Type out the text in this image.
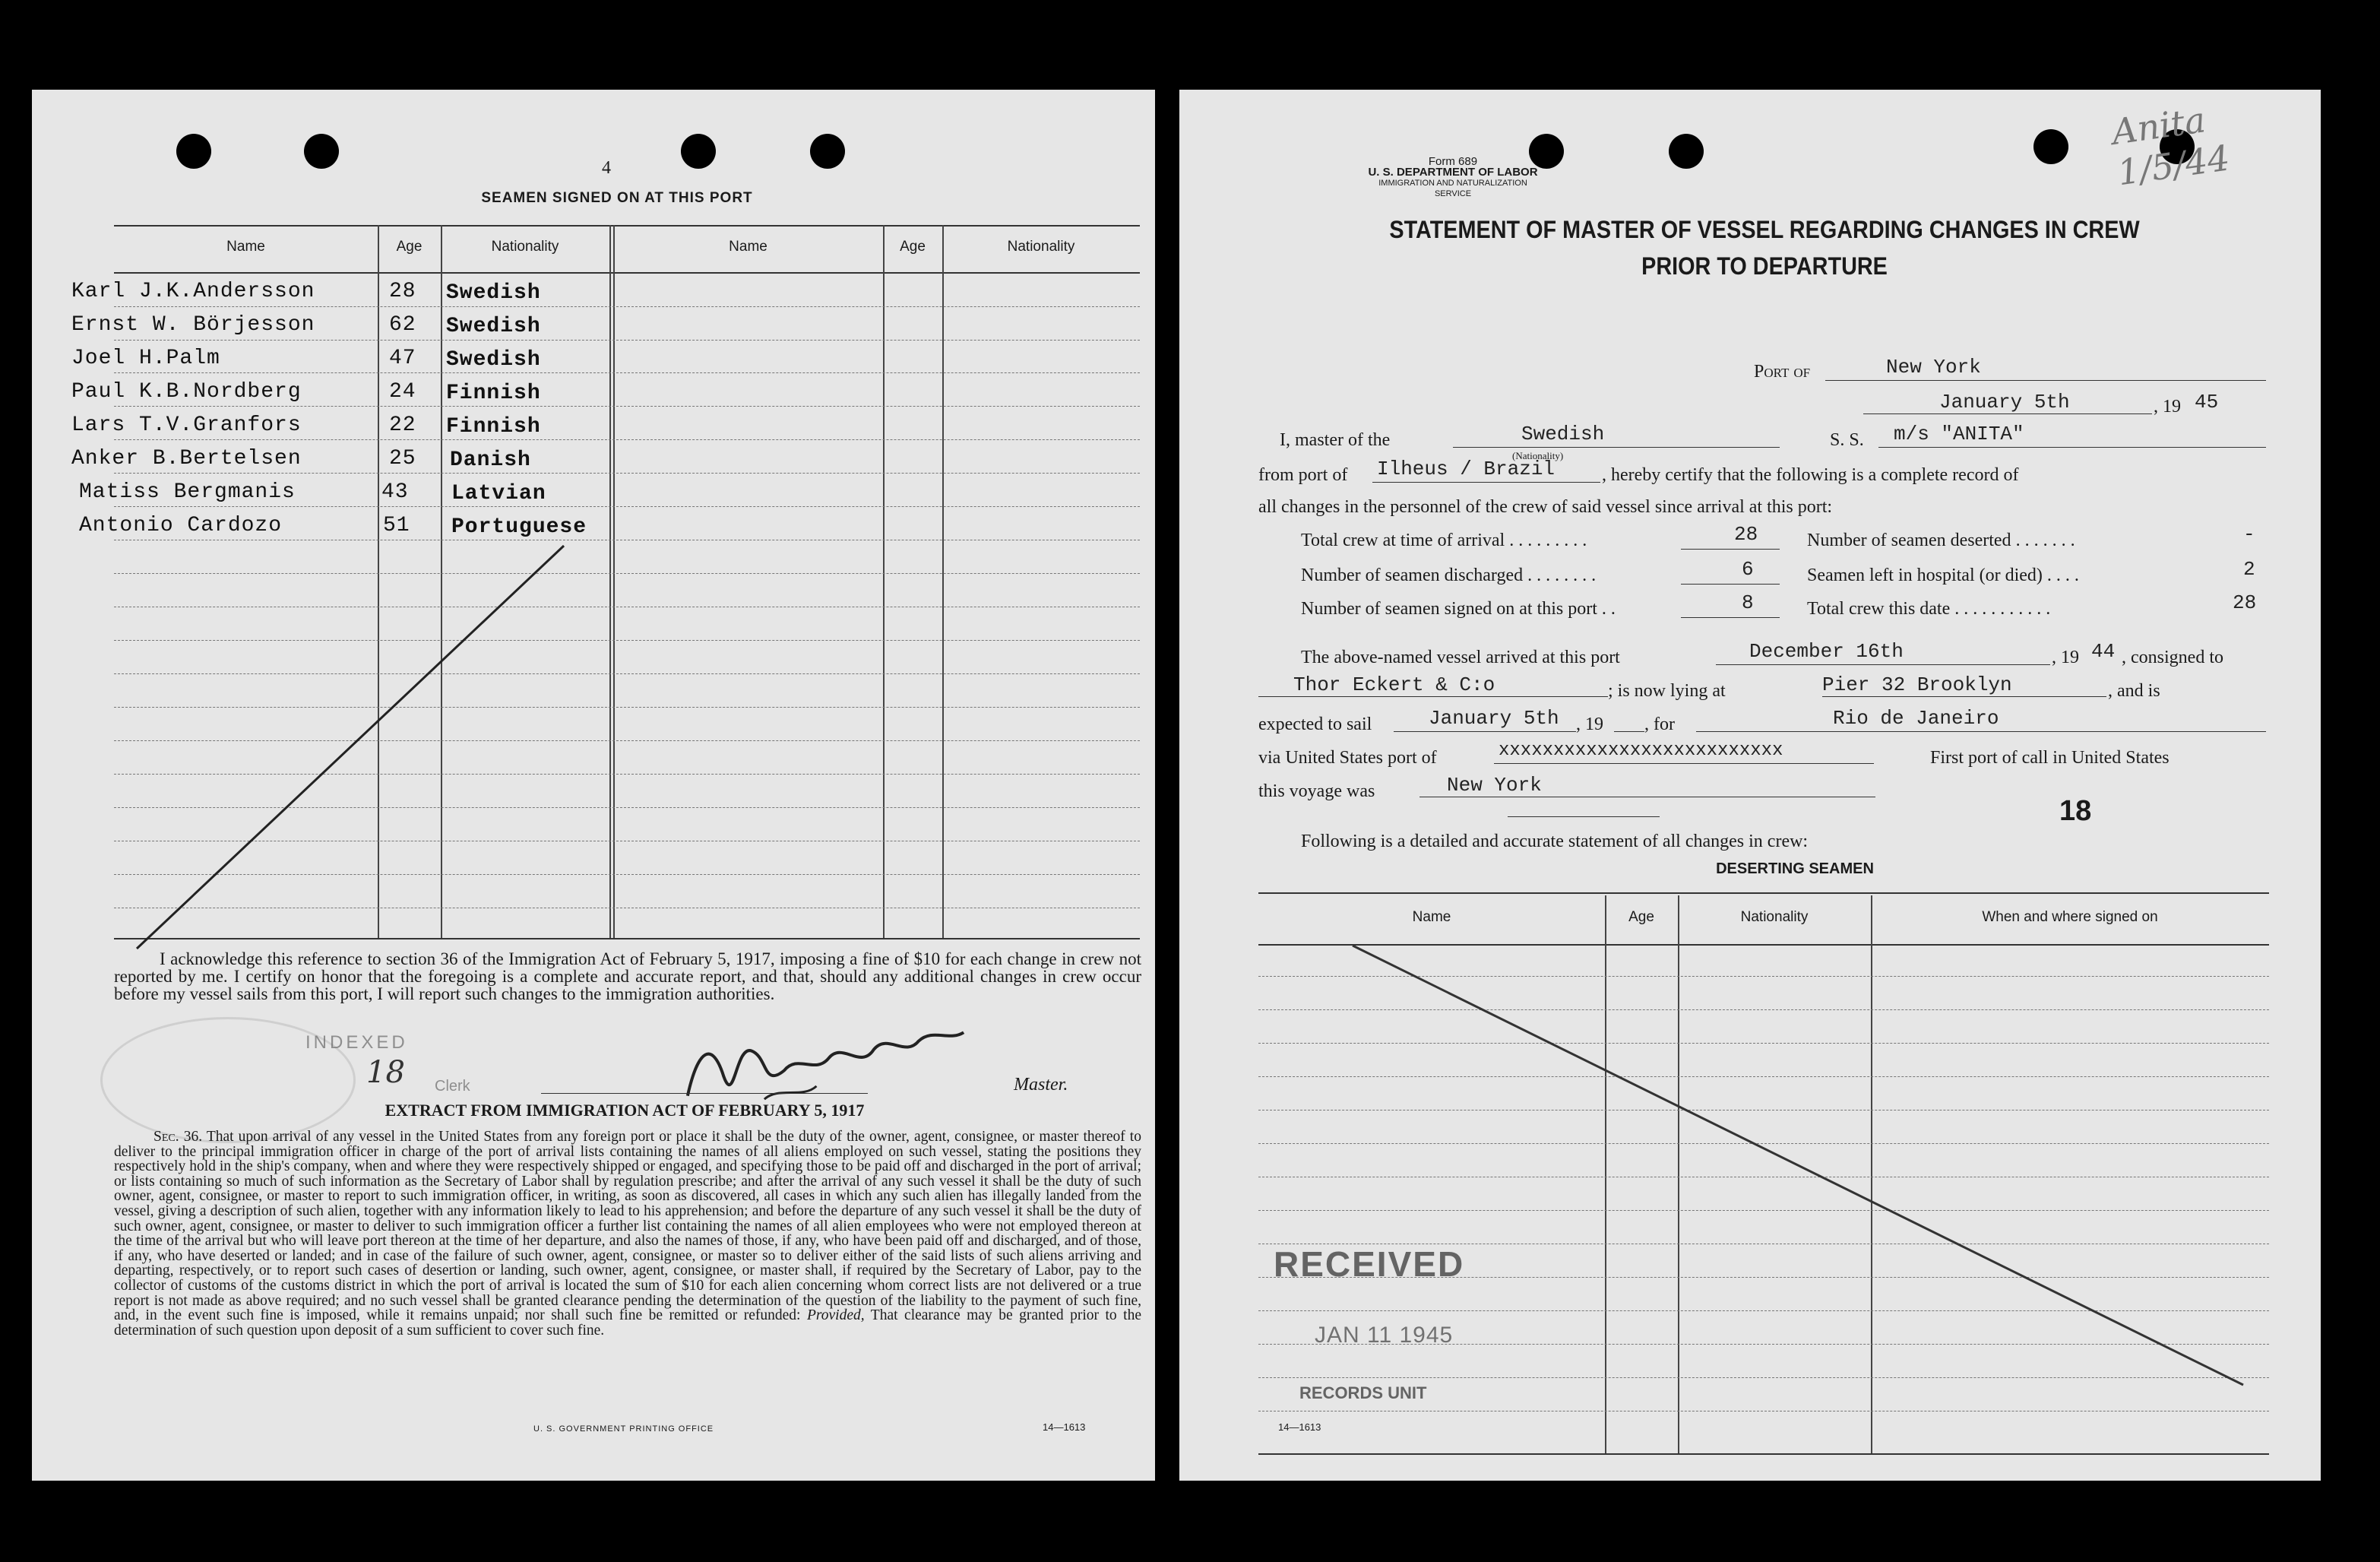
4
SEAMEN SIGNED ON AT THIS PORT
Name	Age	Nationality	Name	Age	Nationality
Karl J.K.Andersson	28 Swedish
Ernst W. Börjesson	62 Swedish
Joel H.Palm	47 Swedish
Paul K.B.Nordberg	24 Finnish
Lars T.V.Granfors	22 Finnish
Anker B.Bertelsen	25 Danish
Matiss Bergmanis	43 Latvian
Antonio Cardozo	51 Portuguese
I acknowledge this reference to section 36 of the Immigration Act of February 5, 1917, imposing a fine of $10 for each change in crew not reported by me. I certify on honor that the foregoing is a complete and accurate report, and that, should any additional changes in crew occur before my vessel sails from this port, I will report such changes to the immigration authorities.
INDEXED
18 Clerk	Master.
EXTRACT FROM IMMIGRATION ACT OF FEBRUARY 5, 1917
Sec. 36. That upon arrival of any vessel in the United States from any foreign port or place it shall be the duty of the owner, agent, consignee, or master thereof to deliver to the principal immigration officer in charge of the port of arrival lists containing the names of all aliens employed on such vessel, stating the positions they respectively hold in the ship's company, when and where they were respectively shipped or engaged, and specifying those to be paid off and discharged in the port of arrival; or lists containing so much of such information as the Secretary of Labor shall by regulation prescribe; and after the arrival of any such vessel it shall be the duty of such owner, agent, consignee, or master to report to such immigration officer, in writing, as soon as discovered, all cases in which any such alien has illegally landed from the vessel, giving a description of such alien, together with any information likely to lead to his apprehension; and before the departure of any such vessel it shall be the duty of such owner, agent, consignee, or master to deliver to such immigration officer a further list containing the names of all alien employees who were not employed thereon at the time of the arrival but who will leave port thereon at the time of her departure, and also the names of those, if any, who have been paid off and discharged, and of those, if any, who have deserted or landed; and in case of the failure of such owner, agent, consignee, or master so to deliver either of the said lists of such aliens arriving and departing, respectively, or to report such cases of desertion or landing, such owner, agent, consignee, or master shall, if required by the Secretary of Labor, pay to the collector of customs of the customs district in which the port of arrival is located the sum of $10 for each alien concerning whom correct lists are not delivered or a true report is not made as above required; and no such vessel shall be granted clearance pending the determination of the question of the liability to the payment of such fine, and, in the event such fine is imposed, while it remains unpaid; nor shall such fine be remitted or refunded: Provided, That clearance may be granted prior to the determination of such question upon deposit of a sum sufficient to cover such fine.
U. S. GOVERNMENT PRINTING OFFICE	14—1613
Anita 1/5/44
Form 689
U. S. DEPARTMENT OF LABOR
IMMIGRATION AND NATURALIZATION SERVICE
STATEMENT OF MASTER OF VESSEL REGARDING CHANGES IN CREW
PRIOR TO DEPARTURE
Port of	New York
January 5th	, 19 45
I, master of the	Swedish	S. S. m/s "ANITA"
from port of Ilheus / Brazil
(Nationality)
, hereby certify that the following is a complete record of
all changes in the personnel of the crew of said vessel since arrival at this port:
Total crew at time of arrival . . . . . . . . .	28
Number of seamen discharged . . . . . . . .	6
Number of seamen signed on at this port . .	8
Number of seamen deserted . . . . . . .	-
Seamen left in hospital (or died) . . . .	2
Total crew this date . . . . . . . . . . .	28
The above-named vessel arrived at this port	December 16th	, 19 44 , consigned to
Thor Eckert & C:o	; is now lying at	Pier 32 Brooklyn	, and is
expected to sail	January 5th , 19 , for	Rio de Janeiro
via United States port of	xxxxxxxxxxxxxxxxxxxxxxxxxx	First port of call in United States
this voyage was	New York
18
Following is a detailed and accurate statement of all changes in crew:
DESERTING SEAMEN
Name	Age	Nationality	When and where signed on
RECEIVED
JAN 11 1945
RECORDS UNIT
14—1613
